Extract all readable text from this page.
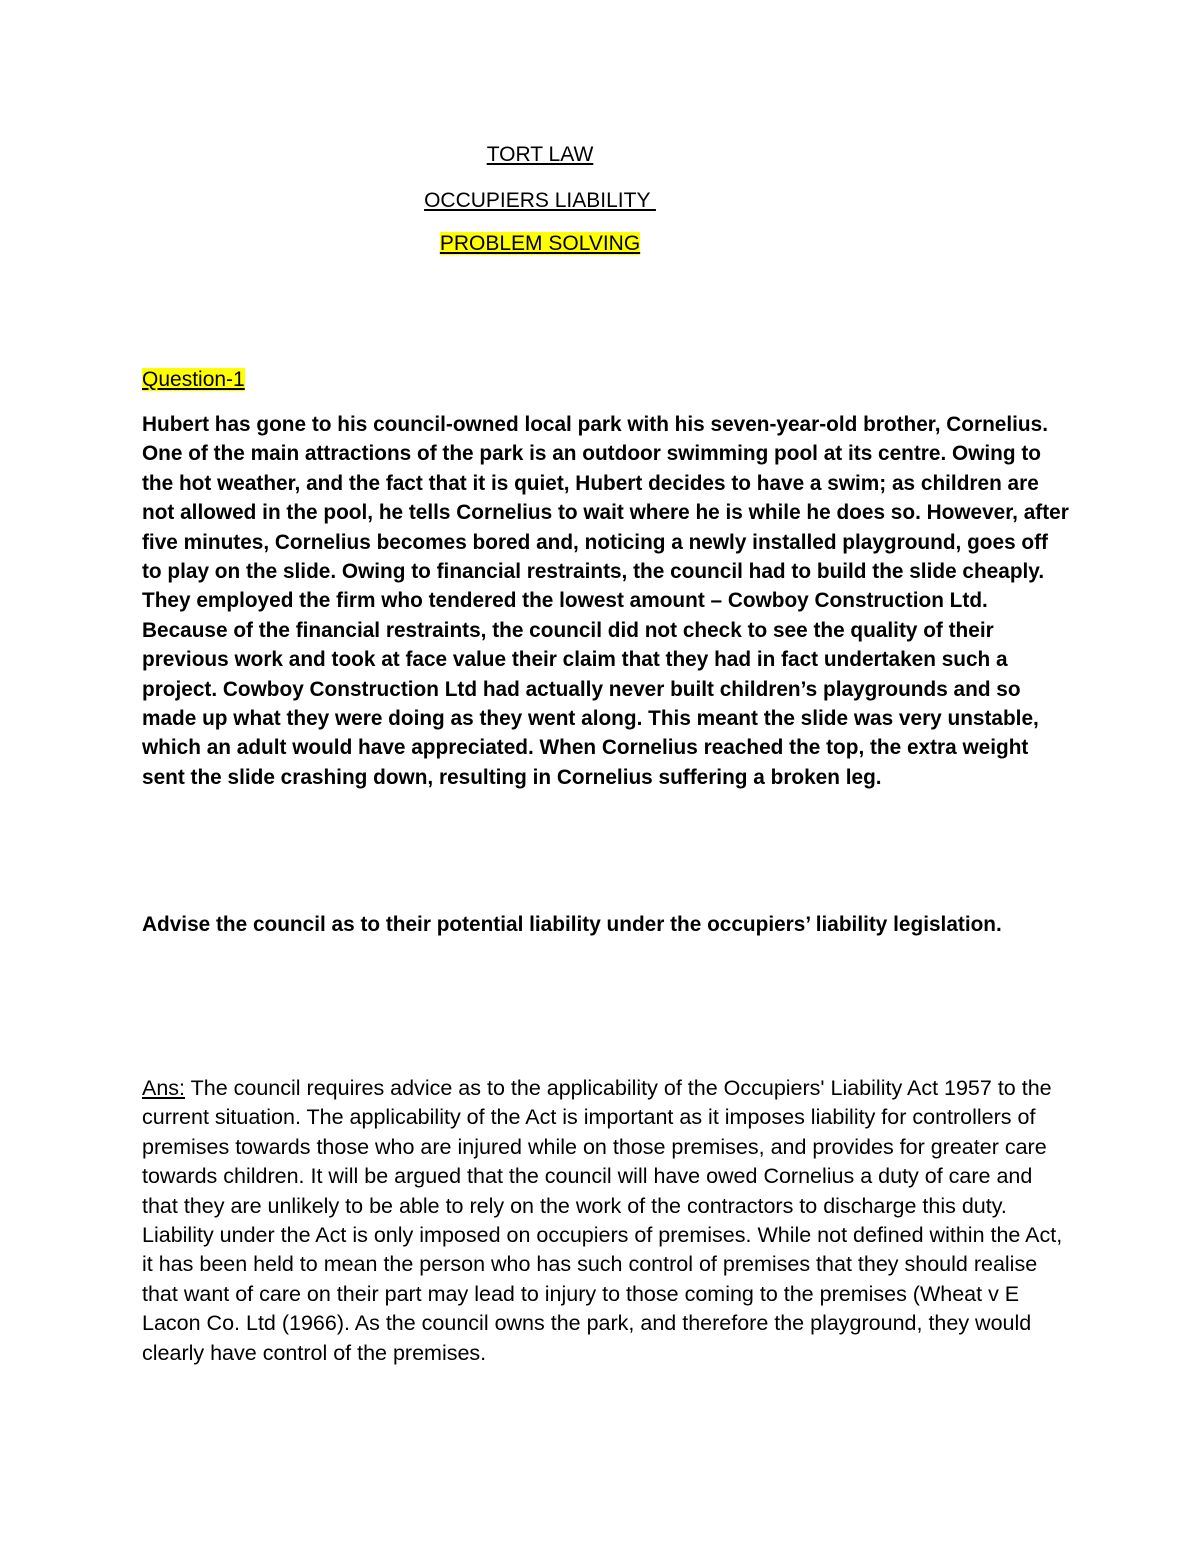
TORT LAW
OCCUPIERS LIABILITY
PROBLEM SOLVING
Question-1

Hubert has gone to his council-owned local park with his seven-year-old brother, Cornelius. One of the main attractions of the park is an outdoor swimming pool at its centre. Owing to the hot weather, and the fact that it is quiet, Hubert decides to have a swim; as children are not allowed in the pool, he tells Cornelius to wait where he is while he does so. However, after five minutes, Cornelius becomes bored and, noticing a newly installed playground, goes off to play on the slide. Owing to financial restraints, the council had to build the slide cheaply. They employed the firm who tendered the lowest amount – Cowboy Construction Ltd. Because of the financial restraints, the council did not check to see the quality of their previous work and took at face value their claim that they had in fact undertaken such a project. Cowboy Construction Ltd had actually never built children’s playgrounds and so made up what they were doing as they went along. This meant the slide was very unstable, which an adult would have appreciated. When Cornelius reached the top, the extra weight sent the slide crashing down, resulting in Cornelius suffering a broken leg.

Advise the council as to their potential liability under the occupiers’ liability legislation.

Ans: The council requires advice as to the applicability of the Occupiers' Liability Act 1957 to the current situation. The applicability of the Act is important as it imposes liability for controllers of premises towards those who are injured while on those premises, and provides for greater care towards children. It will be argued that the council will have owed Cornelius a duty of care and that they are unlikely to be able to rely on the work of the contractors to discharge this duty. Liability under the Act is only imposed on occupiers of premises. While not defined within the Act, it has been held to mean the person who has such control of premises that they should realise that want of care on their part may lead to injury to those coming to the premises (Wheat v E Lacon Co. Ltd (1966). As the council owns the park, and therefore the playground, they would clearly have control of the premises.
